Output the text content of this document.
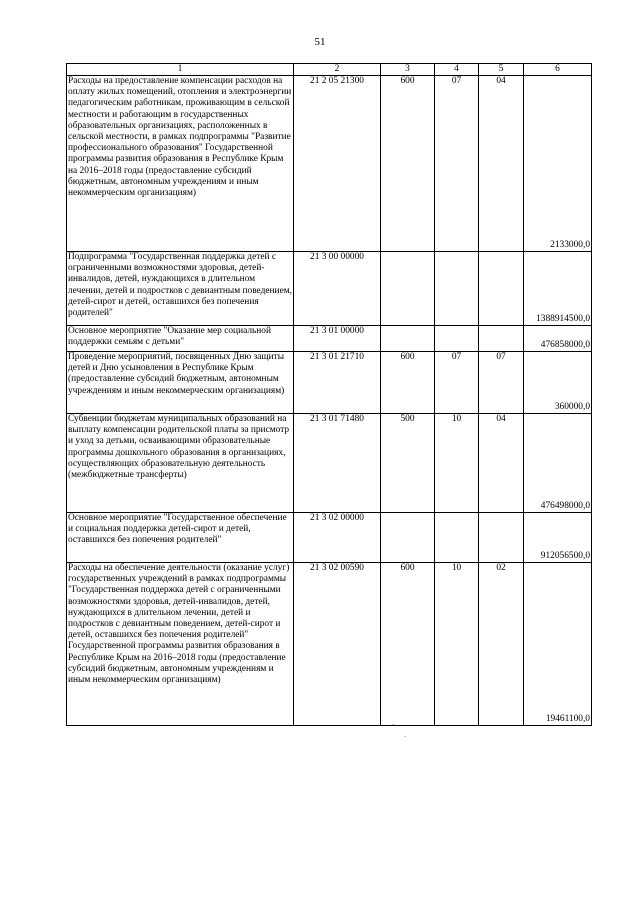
51
1	2	3	4	5	6
Расходы на предоставление компенсации расходов на оплату жилых помещений, отопления и электроэнергии педагогическим работникам, проживающим в сельской местности и работающим в государственных образовательных организациях, расположенных в сельской местности, в рамках подпрограммы "Развитие профессионального образования" Государственной программы развития образования в Республике Крым на 2016–2018 годы (предоставление субсидий бюджетным, автономным учреждениям и иным некоммерческим организациям)	21 2 05 21300	600	07	04	2133000,0
Подпрограмма "Государственная поддержка детей с ограниченными возможностями здоровья, детей-инвалидов, детей, нуждающихся в длительном лечении, детей и подростков с девиантным поведением, детей-сирот и детей, оставшихся без попечения родителей"	21 3 00 00000				1388914500,0
Основное мероприятие "Оказание мер социальной поддержки семьям с детьми"	21 3 01 00000				476858000,0
Проведение мероприятий, посвященных Дню защиты детей и Дню усыновления в Республике Крым (предоставление субсидий бюджетным, автономным учреждениям и иным некоммерческим организациям)	21 3 01 21710	600	07	07	360000,0
Субвенции бюджетам муниципальных образований на выплату компенсации родительской платы за присмотр и уход за детьми, осваивающими образовательные программы дошкольного образования в организациях, осуществляющих образовательную деятельность (межбюджетные трансферты)	21 3 01 71480	500	10	04	476498000,0
Основное мероприятие "Государственное обеспечение и социальная поддержка детей-сирот и детей, оставшихся без попечения родителей"	21 3 02 00000				912056500,0
Расходы на обеспечение деятельности (оказание услуг) государственных учреждений в рамках подпрограммы "Государственная поддержка детей с ограниченными возможностями здоровья, детей-инвалидов, детей, нуждающихся в длительном лечении, детей и подростков с девиантным поведением, детей-сирот и детей, оставшихся без попечения родителей" Государственной программы развития образования в Республике Крым на 2016–2018 годы (предоставление субсидий бюджетным, автономным учреждениям и иным некоммерческим организациям)	21 3 02 00590	600	10	02	19461100,0
.
.
